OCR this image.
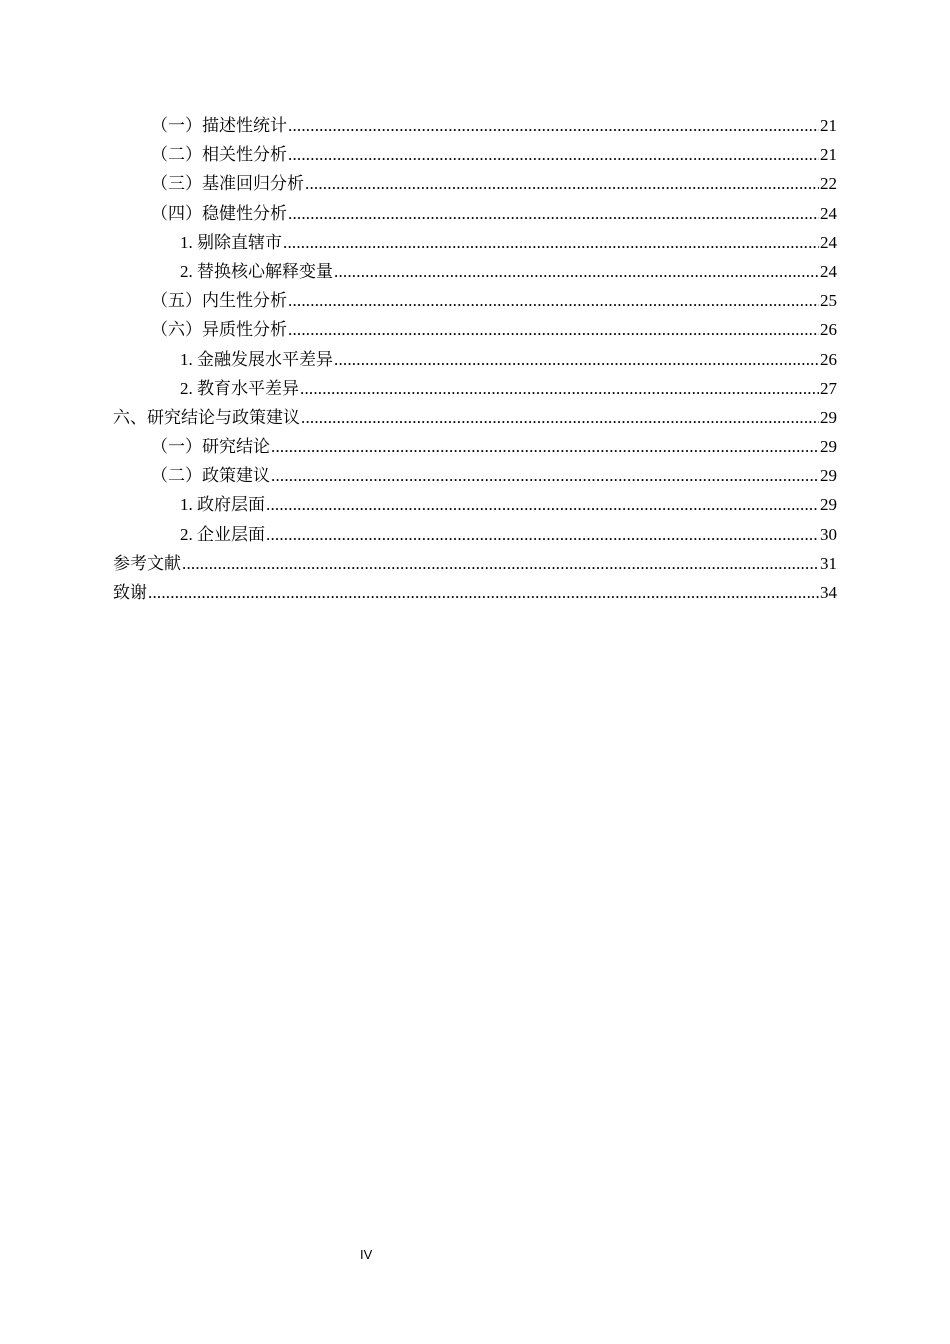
（一）描述性统计 .....	21
（二）相关性分析 .....	21
（三）基准回归分析 .....	22
（四）稳健性分析 .....	24
1. 剔除直辖市 .....	24
2. 替换核心解释变量 .....	24
（五）内生性分析 .....	25
（六）异质性分析 .....	26
1. 金融发展水平差异 .....	26
2. 教育水平差异 .....	27
六、研究结论与政策建议 .....	29
（一）研究结论 .....	29
（二）政策建议 .....	29
1. 政府层面 .....	29
2. 企业层面 .....	30
参考文献 .....	31
致谢 .....	34
IV
